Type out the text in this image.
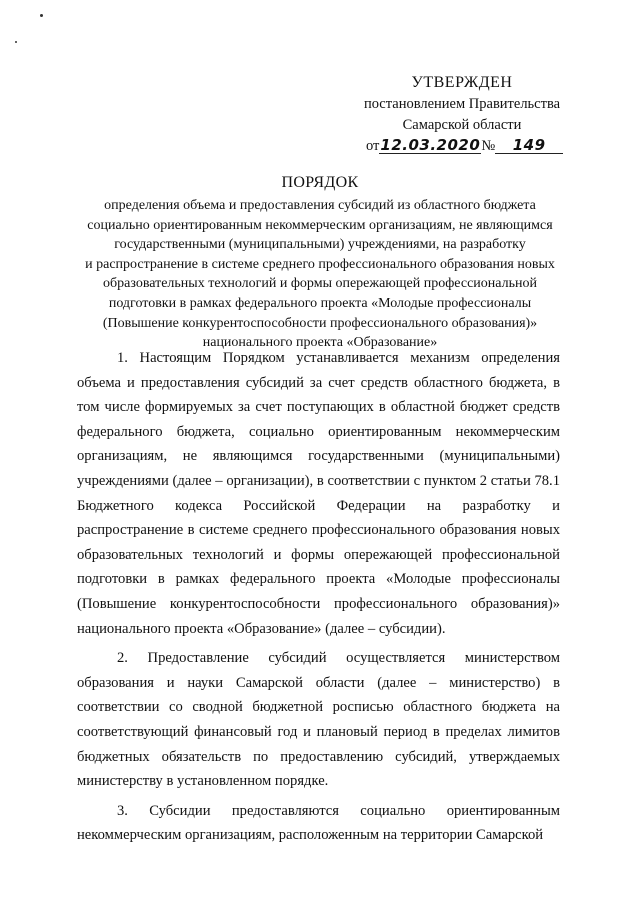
УТВЕРЖДЕН
постановлением Правительства
Самарской области
от12.03.2020№ 149
ПОРЯДОК
определения объема и предоставления субсидий из областного бюджета
социально ориентированным некоммерческим организациям, не являющимся
государственными (муниципальными) учреждениями, на разработку
и распространение в системе среднего профессионального образования новых
образовательных технологий и формы опережающей профессиональной
подготовки в рамках федерального проекта «Молодые профессионалы
(Повышение конкурентоспособности профессионального образования)»
национального проекта «Образование»

1. Настоящим Порядком устанавливается механизм определения объема и предоставления субсидий за счет средств областного бюджета, в том числе формируемых за счет поступающих в областной бюджет средств федерального бюджета, социально ориентированным некоммерческим организациям, не являющимся государственными (муниципальными) учреждениями (далее – организации), в соответствии с пунктом 2 статьи 78.1 Бюджетного кодекса Российской Федерации на разработку и распространение в системе среднего профессионального образования новых образовательных технологий и формы опережающей профессиональной подготовки в рамках федерального проекта «Молодые профессионалы (Повышение конкурентоспособности профессионального образования)» национального проекта «Образование» (далее – субсидии).

2. Предоставление субсидий осуществляется министерством образования и науки Самарской области (далее – министерство) в соответствии со сводной бюджетной росписью областного бюджета на соответствующий финансовый год и плановый период в пределах лимитов бюджетных обязательств по предоставлению субсидий, утверждаемых министерству в установленном порядке.

3. Субсидии предоставляются социально ориентированным некоммерческим организациям, расположенным на территории Самарской
